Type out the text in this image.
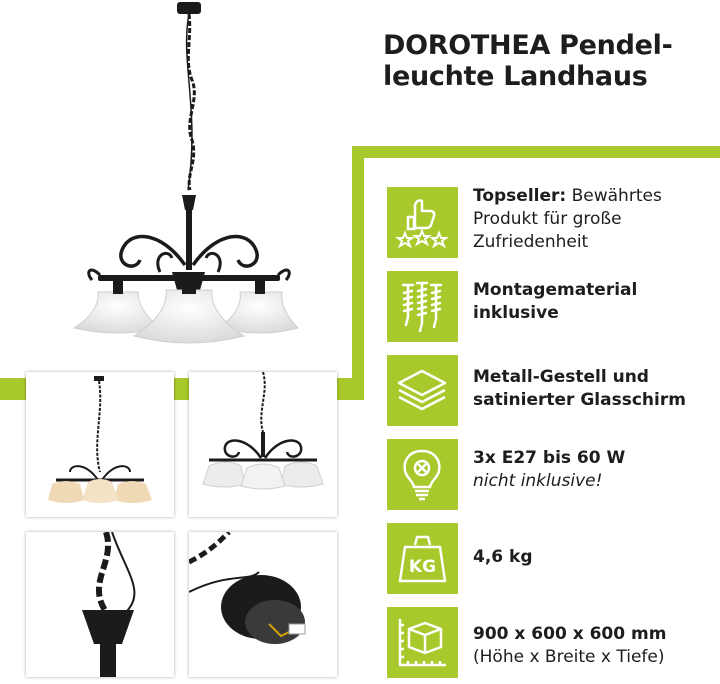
DOROTHEA Pendel-
leuchte Landhaus
Topseller: Bewährtes Produkt für große Zufriedenheit
Montagematerial inklusive
Metall-Gestell und satinierter Glasschirm
3x E27 bis 60 W
nicht inklusive!
KG 4,6 kg
900 x 600 x 600 mm
(Höhe x Breite x Tiefe)
